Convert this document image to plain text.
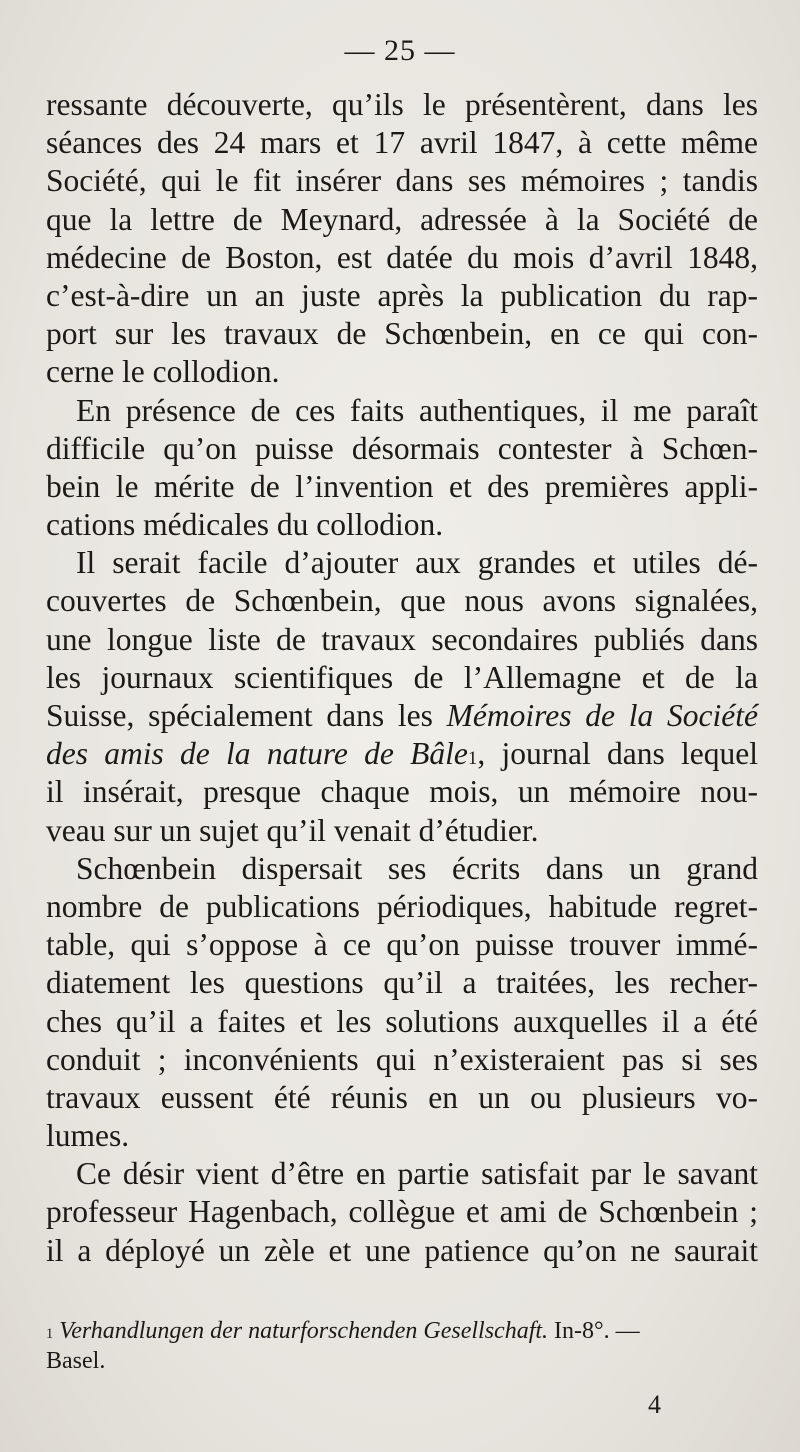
— 25 —
ressante découverte, qu’ils le présentèrent, dans les
séances des 24 mars et 17 avril 1847, à cette même
Société, qui le fit insérer dans ses mémoires ; tandis
que la lettre de Meynard, adressée à la Société de
médecine de Boston, est datée du mois d’avril 1848,
c’est-à-dire un an juste après la publication du rap-
port sur les travaux de Schœnbein, en ce qui con-
cerne le collodion.
En présence de ces faits authentiques, il me paraît
difficile qu’on puisse désormais contester à Schœn-
bein le mérite de l’invention et des premières appli-
cations médicales du collodion.
Il serait facile d’ajouter aux grandes et utiles dé-
couvertes de Schœnbein, que nous avons signalées,
une longue liste de travaux secondaires publiés dans
les journaux scientifiques de l’Allemagne et de la
Suisse, spécialement dans les Mémoires de la Société
des amis de la nature de Bâle$^1$, journal dans lequel
il insérait, presque chaque mois, un mémoire nou-
veau sur un sujet qu’il venait d’étudier.
Schœnbein dispersait ses écrits dans un grand
nombre de publications périodiques, habitude regret-
table, qui s’oppose à ce qu’on puisse trouver immé-
diatement les questions qu’il a traitées, les recher-
ches qu’il a faites et les solutions auxquelles il a été
conduit ; inconvénients qui n’existeraient pas si ses
travaux eussent été réunis en un ou plusieurs vo-
lumes.
Ce désir vient d’être en partie satisfait par le savant
professeur Hagenbach, collègue et ami de Schœnbein ;
il a déployé un zèle et une patience qu’on ne saurait
$^1$ Verhandlungen der naturforschenden Gesellschaft. In-8°. —
Basel.
4
